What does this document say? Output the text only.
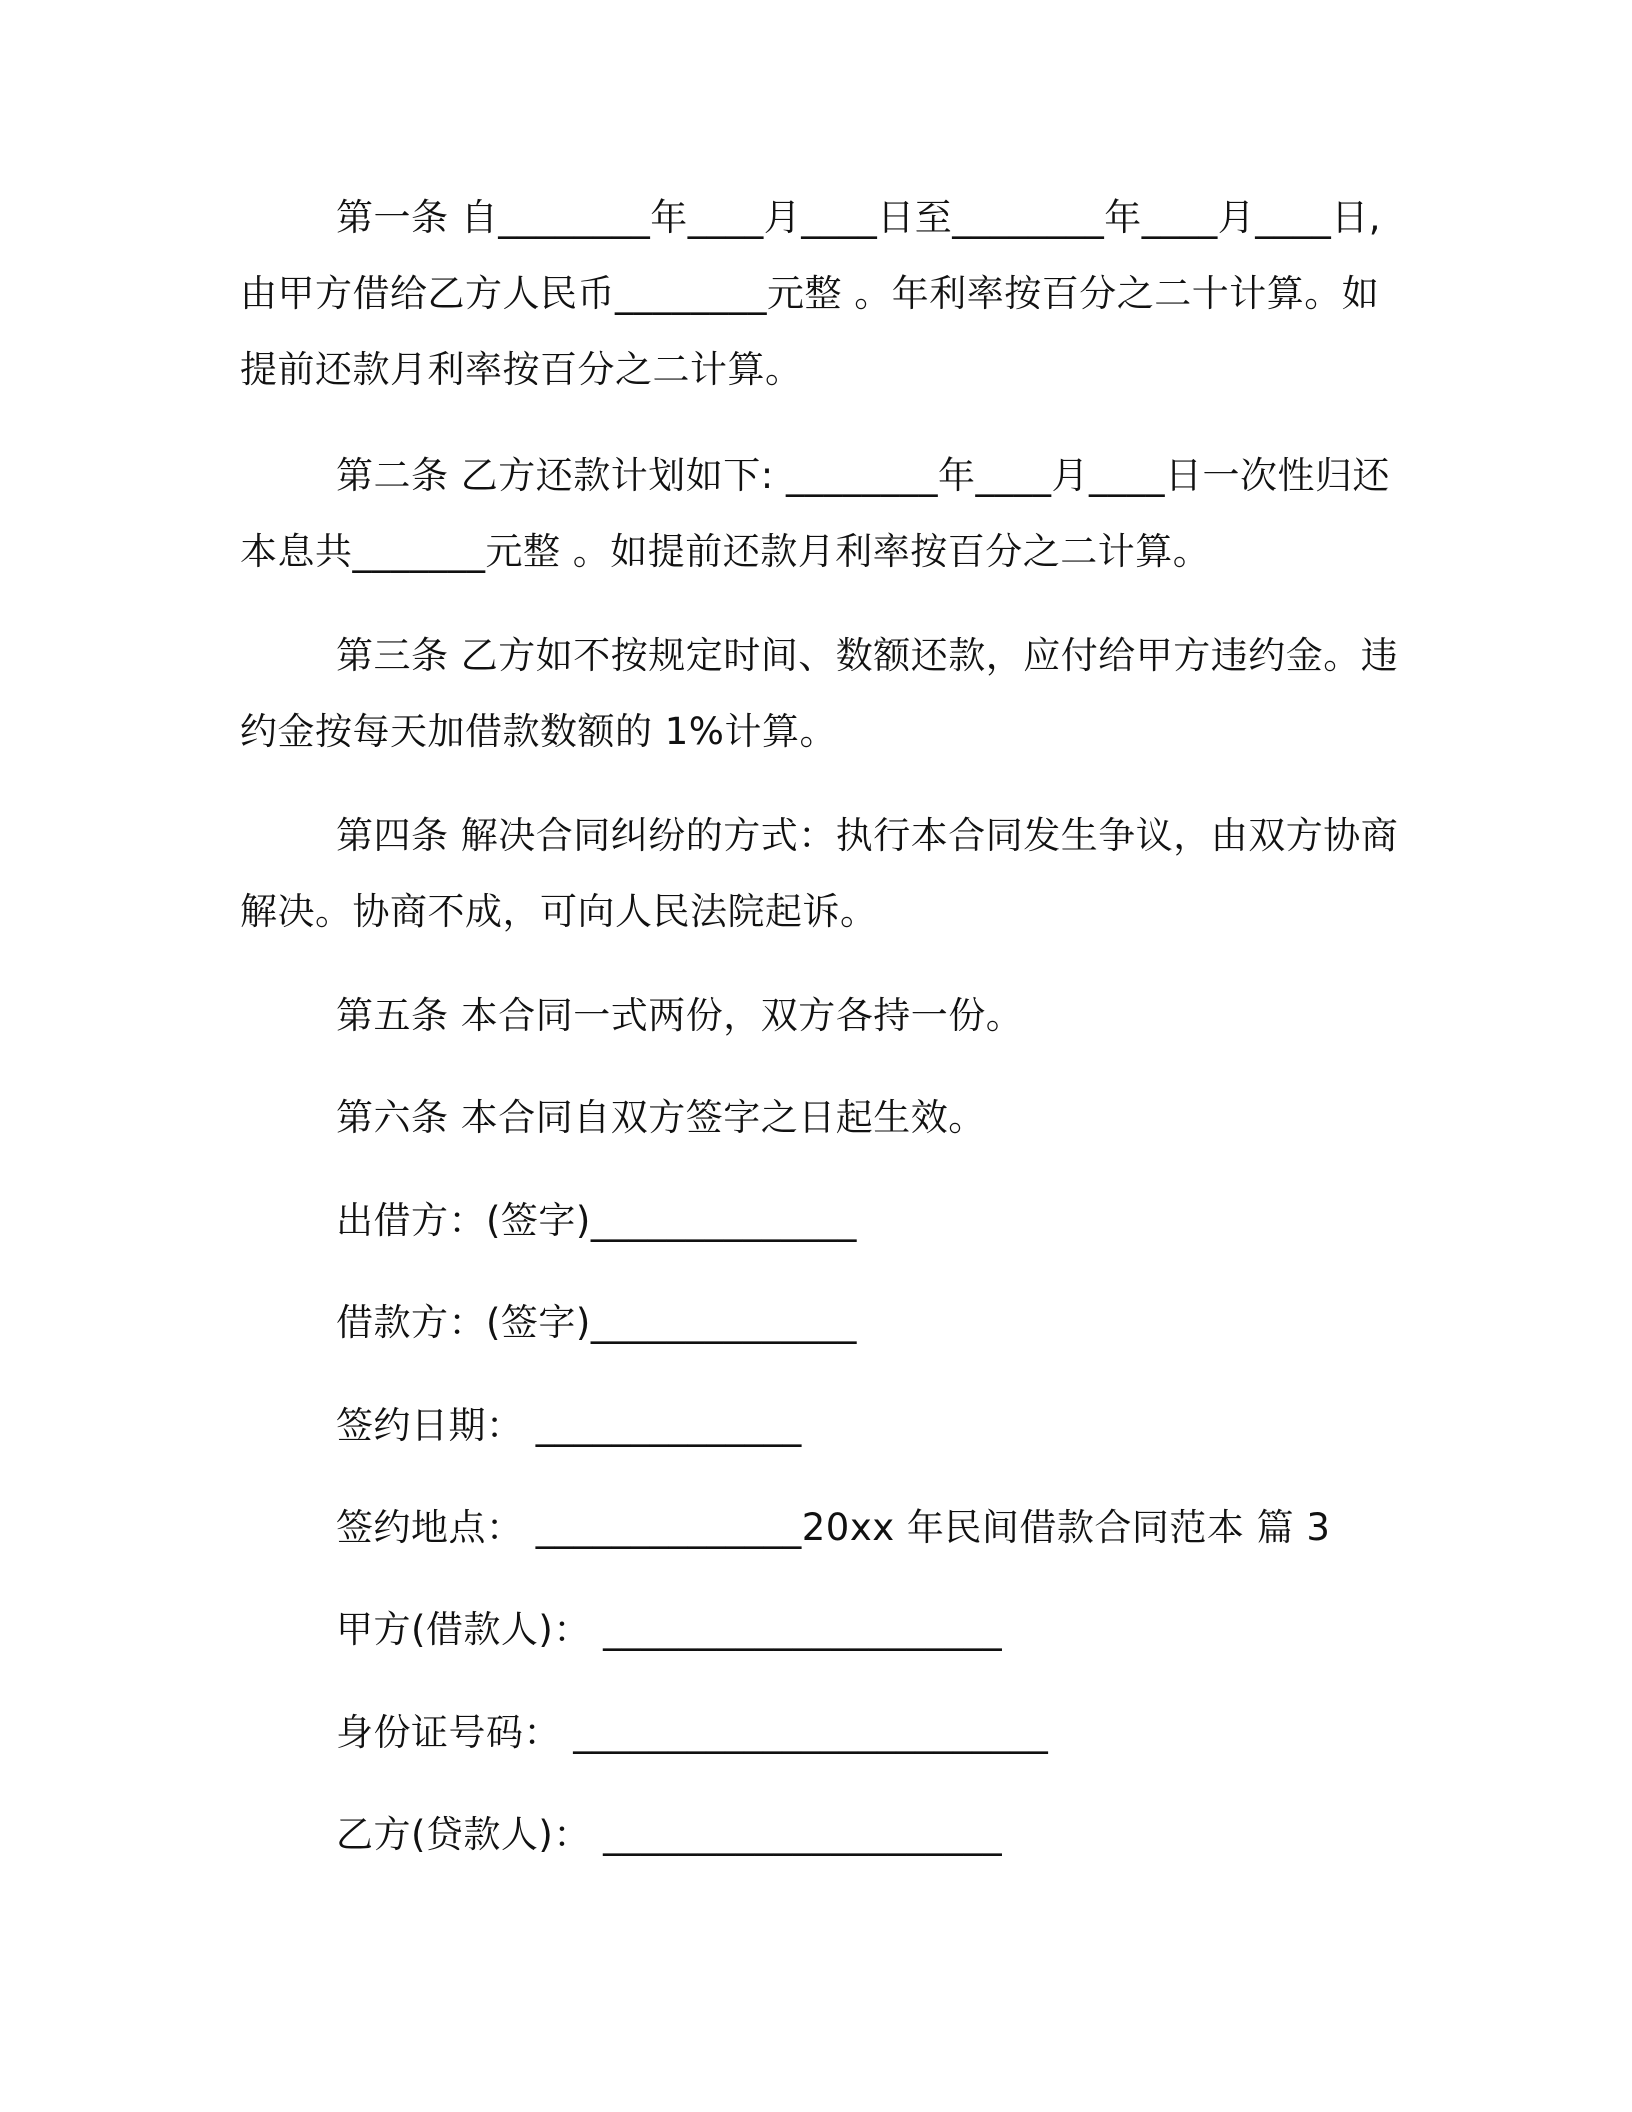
第一条 自________年____月____日至________年____月____日,由甲方借给乙方人民币________元整 。年利率按百分之二十计算。如提前还款月利率按百分之二计算。
第二条 乙方还款计划如下: ________年____月____日一次性归还本息共_______元整 。如提前还款月利率按百分之二计算。
第三条 乙方如不按规定时间、数额还款，应付给甲方违约金。违约金按每天加借款数额的 1%计算。
第四条 解决合同纠纷的方式：执行本合同发生争议，由双方协商解决。协商不成，可向人民法院起诉。
第五条 本合同一式两份，双方各持一份。
第六条 本合同自双方签字之日起生效。
出借方：(签字)______________
借款方：(签字)______________
签约日期： ______________
签约地点： ______________20xx 年民间借款合同范本 篇 3
甲方(借款人)： _____________________
身份证号码： _________________________
乙方(贷款人)： _____________________
